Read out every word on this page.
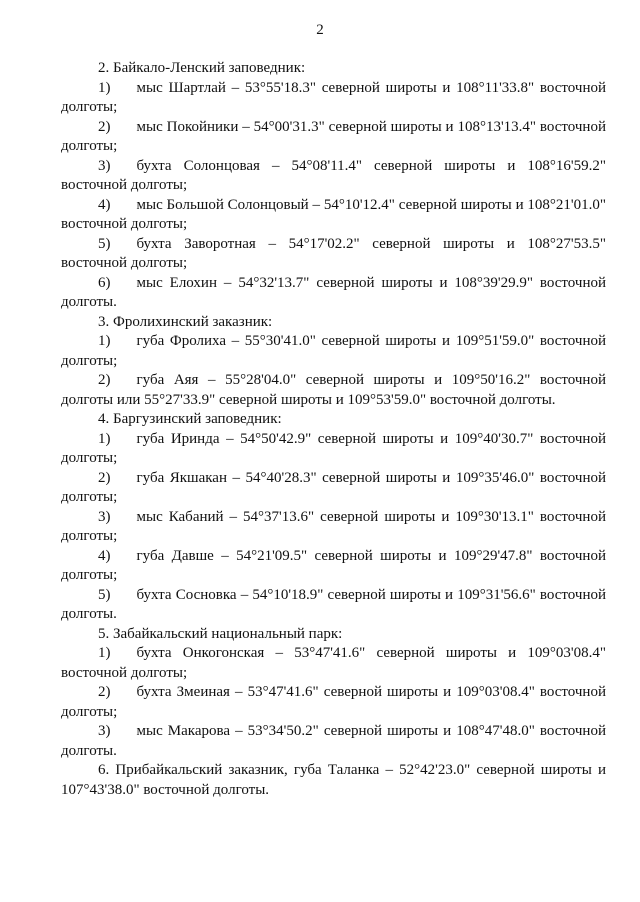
2

2. Байкало-Ленский заповедник:

1) мыс Шартлай – 53°55'18.3" северной широты и 108°11'33.8" восточной
долготы;
2) мыс Покойники – 54°00'31.3" северной широты и 108°13'13.4" восточной
долготы;
3) бухта Солонцовая – 54°08'11.4" северной широты и 108°16'59.2"
восточной долготы;
4) мыс Большой Солонцовый – 54°10'12.4" северной широты и 108°21'01.0"
восточной долготы;
5) бухта Заворотная – 54°17'02.2" северной широты и 108°27'53.5"
восточной долготы;
6) мыс Елохин – 54°32'13.7" северной широты и 108°39'29.9" восточной
долготы.

3. Фролихинский заказник:

1) губа Фролиха – 55°30'41.0" северной широты и 109°51'59.0" восточной
долготы;
2) губа Аяя – 55°28'04.0" северной широты и 109°50'16.2" восточной
долготы или 55°27'33.9" северной широты и 109°53'59.0" восточной долготы.

4. Баргузинский заповедник:

1) губа Иринда – 54°50'42.9" северной широты и 109°40'30.7" восточной
долготы;
2) губа Якшакан – 54°40'28.3" северной широты и 109°35'46.0" восточной
долготы;
3) мыс Кабаний – 54°37'13.6" северной широты и 109°30'13.1" восточной
долготы;
4) губа Давше – 54°21'09.5" северной широты и 109°29'47.8" восточной
долготы;
5) бухта Сосновка – 54°10'18.9" северной широты и 109°31'56.6" восточной
долготы.

5. Забайкальский национальный парк:

1) бухта Онкогонская – 53°47'41.6" северной широты и 109°03'08.4"
восточной долготы;
2) бухта Змеиная – 53°47'41.6" северной широты и 109°03'08.4" восточной
долготы;
3) мыс Макарова – 53°34'50.2" северной широты и 108°47'48.0" восточной
долготы.

6. Прибайкальский заказник, губа Таланка – 52°42'23.0" северной широты и 107°43'38.0" восточной долготы.
